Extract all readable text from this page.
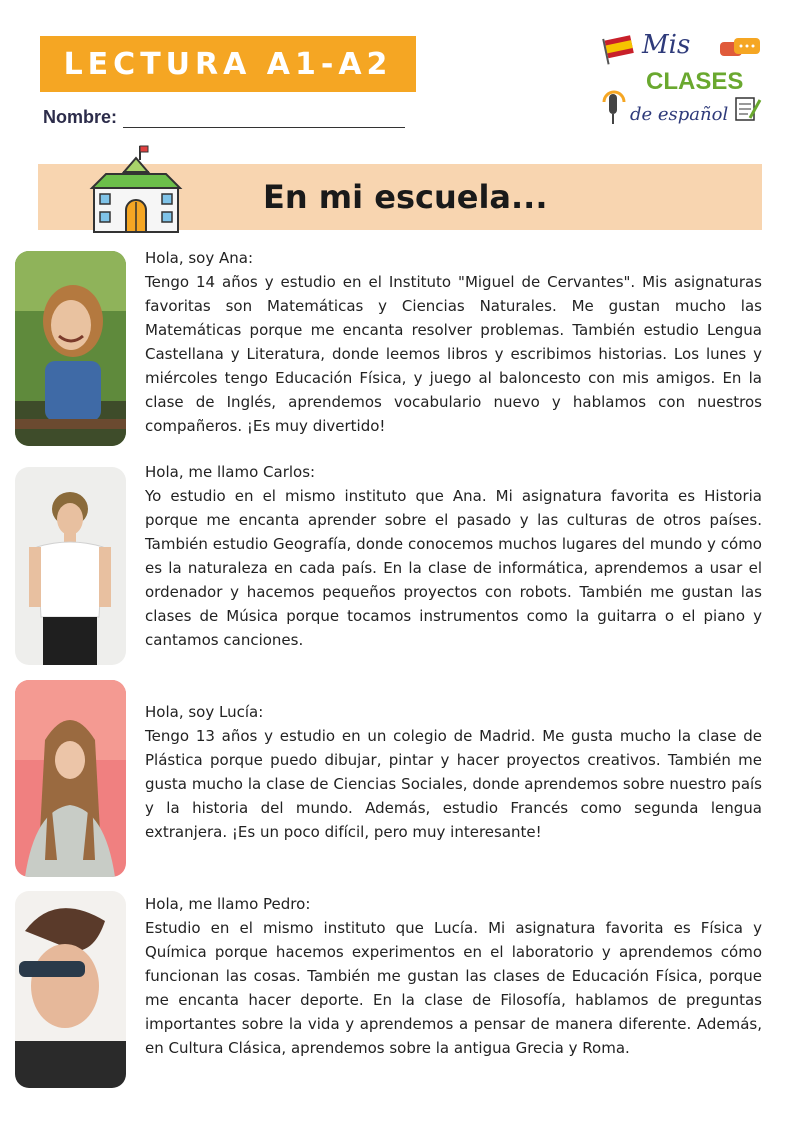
LECTURA A1-A2
Nombre:
Mis
CLASES
de español
En mi escuela...

Hola, soy Ana:

Tengo 14 años y estudio en el Instituto "Miguel de Cervantes". Mis asignaturas favoritas son Matemáticas y Ciencias Naturales. Me gustan mucho las Matemáticas porque me encanta resolver problemas. También estudio Lengua Castellana y Literatura, donde leemos libros y escribimos historias. Los lunes y miércoles tengo Educación Física, y juego al baloncesto con mis amigos. En la clase de Inglés, aprendemos vocabulario nuevo y hablamos con nuestros compañeros. ¡Es muy divertido!

Hola, me llamo Carlos:

Yo estudio en el mismo instituto que Ana. Mi asignatura favorita es Historia porque me encanta aprender sobre el pasado y las culturas de otros países. También estudio Geografía, donde conocemos muchos lugares del mundo y cómo es la naturaleza en cada país. En la clase de informática, aprendemos a usar el ordenador y hacemos pequeños proyectos con robots. También me gustan las clases de Música porque tocamos instrumentos como la guitarra o el piano y cantamos canciones.

Hola, soy Lucía:

Tengo 13 años y estudio en un colegio de Madrid. Me gusta mucho la clase de Plástica porque puedo dibujar, pintar y hacer proyectos creativos. También me gusta mucho la clase de Ciencias Sociales, donde aprendemos sobre nuestro país y la historia del mundo. Además, estudio Francés como segunda lengua extranjera. ¡Es un poco difícil, pero muy interesante!

Hola, me llamo Pedro:

Estudio en el mismo instituto que Lucía. Mi asignatura favorita es Física y Química porque hacemos experimentos en el laboratorio y aprendemos cómo funcionan las cosas. También me gustan las clases de Educación Física, porque me encanta hacer deporte. En la clase de Filosofía, hablamos de preguntas importantes sobre la vida y aprendemos a pensar de manera diferente. Además, en Cultura Clásica, aprendemos sobre la antigua Grecia y Roma.
